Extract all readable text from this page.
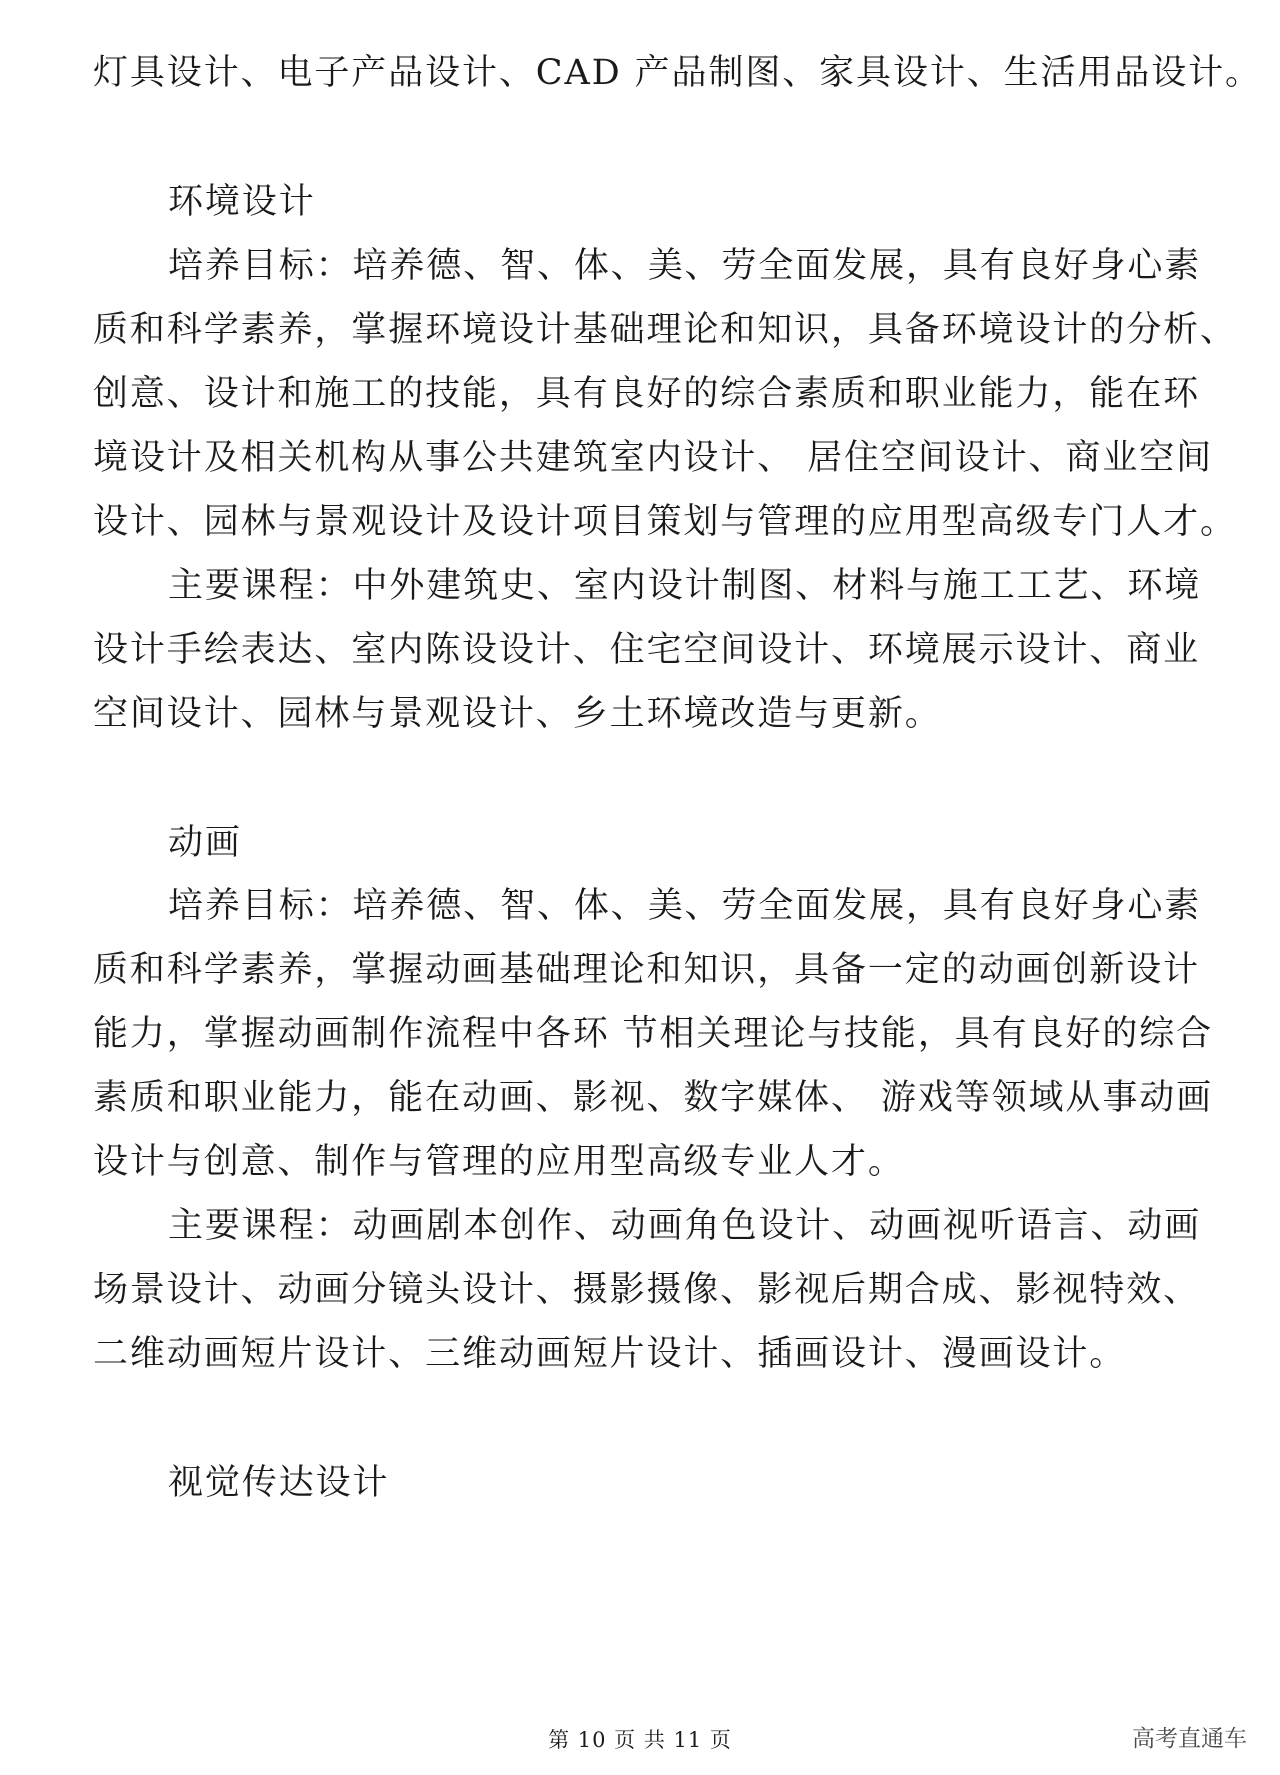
灯具设计、电子产品设计、CAD 产品制图、家具设计、生活用品设计。
环境设计
培养目标：培养德、智、体、美、劳全面发展，具有良好身心素
质和科学素养，掌握环境设计基础理论和知识，具备环境设计的分析、
创意、设计和施工的技能，具有良好的综合素质和职业能力，能在环
境设计及相关机构从事公共建筑室内设计、 居住空间设计、商业空间
设计、园林与景观设计及设计项目策划与管理的应用型高级专门人才。
主要课程：中外建筑史、室内设计制图、材料与施工工艺、环境
设计手绘表达、室内陈设设计、住宅空间设计、环境展示设计、商业
空间设计、园林与景观设计、乡土环境改造与更新。
动画
培养目标：培养德、智、体、美、劳全面发展，具有良好身心素
质和科学素养，掌握动画基础理论和知识，具备一定的动画创新设计
能力，掌握动画制作流程中各环 节相关理论与技能，具有良好的综合
素质和职业能力，能在动画、影视、数字媒体、 游戏等领域从事动画
设计与创意、制作与管理的应用型高级专业人才。
主要课程：动画剧本创作、动画角色设计、动画视听语言、动画
场景设计、动画分镜头设计、摄影摄像、影视后期合成、影视特效、
二维动画短片设计、三维动画短片设计、插画设计、漫画设计。
视觉传达设计
第 10 页 共 11 页	高考直通车
